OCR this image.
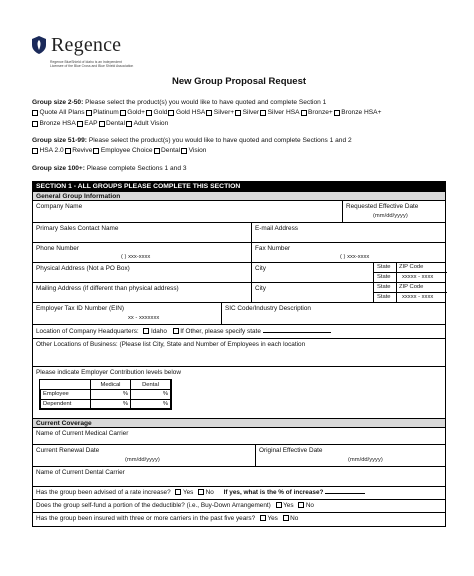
Regence
Regence BlueShield of Idaho is an Independent Licensee of the Blue Cross and Blue Shield Association
New Group Proposal Request
Group size 2-50: Please select the product(s) you would like to have quoted and complete Section 1
Quote All Plans Platinum Gold+ Gold Gold HSA Silver+ Silver Silver HSA Bronze+ Bronze HSA+
Bronze HSA EAP Dental Adult Vision
Group size 51-99: Please select the product(s) you would like to have quoted and complete Sections 1 and 2
HSA 2.0 Revive Employee Choice Dental Vision
Group size 100+: Please complete Sections 1 and 3
SECTION 1 - ALL GROUPS PLEASE COMPLETE THIS SECTION
General Group Information
Company Name	Requested Effective Date
(mm/dd/yyyy)
Primary Sales Contact Name	E-mail Address
Phone Number
( ) xxx-xxxx
Fax Number
( ) xxx-xxxx
Physical Address (Not a PO Box)	City	State ZIP Code
State xxxxx - xxxx
Mailing Address (if different than physical address)	City	State ZIP Code
State xxxxx - xxxx
Employer Tax ID Number (EIN)
xx - xxxxxxx
SIC Code/Industry Description
Location of Company Headquarters: Idaho If Other, please specify state
Other Locations of Business: (Please list City, State and Number of Employees in each location
Please indicate Employer Contribution levels below
	Medical	Dental
Employee	%	%
Dependent	%	%
Current Coverage
Name of Current Medical Carrier
Current Renewal Date
(mm/dd/yyyy)
Original Effective Date
(mm/dd/yyyy)
Name of Current Dental Carrier
Has the group been advised of a rate increase? Yes No If yes, what is the % of increase?
Does the group self-fund a portion of the deductible? (i.e., Buy-Down Arrangement) Yes No
Has the group been insured with three or more carriers in the past five years? Yes No
